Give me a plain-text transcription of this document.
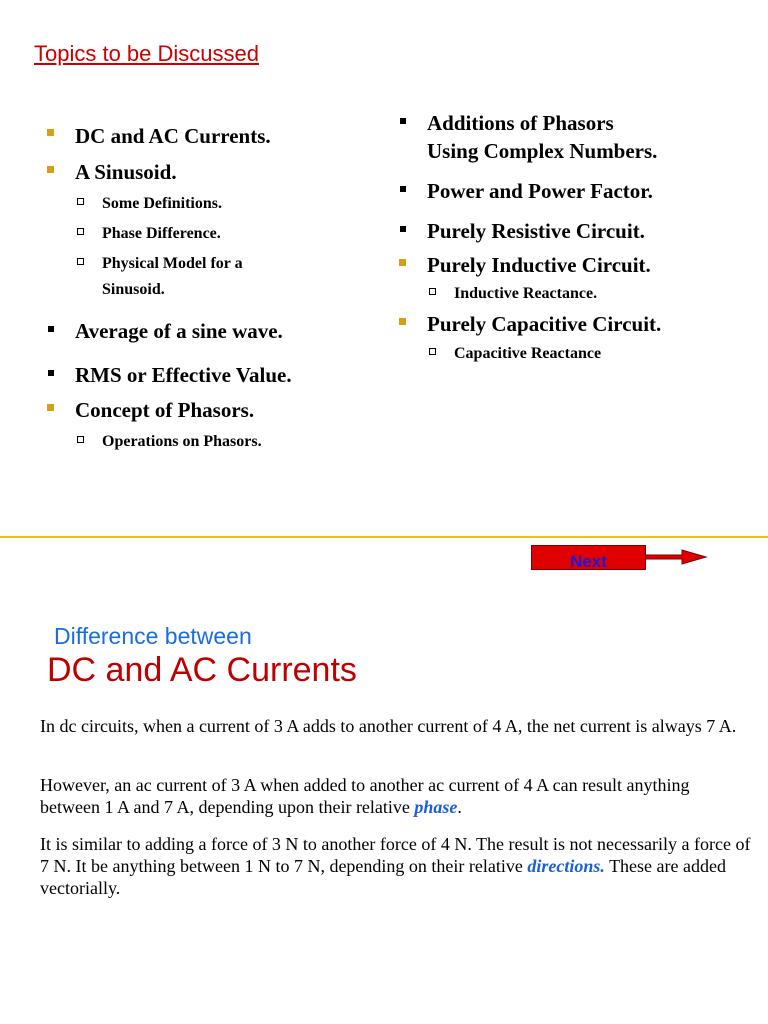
Topics to be Discussed
DC and AC Currents.
A Sinusoid.
Some Definitions.
Phase Difference.
Physical Model for a
Sinusoid.
Average of a sine wave.
RMS or Effective Value.
Concept of Phasors.
Operations on Phasors.
Additions of Phasors
Using Complex Numbers.
Power and Power Factor.
Purely Resistive Circuit.
Purely Inductive Circuit.
Inductive Reactance.
Purely Capacitive Circuit.
Capacitive Reactance
Next
Difference between
DC and AC Currents
In dc circuits, when a current of 3 A adds to another current of 4 A, the net current is always 7 A.
However, an ac current of 3 A when added to another ac current of 4 A can result anything between 1 A and 7 A, depending upon their relative phase.
It is similar to adding a force of 3 N to another force of 4 N. The result is not necessarily a force of 7 N. It be anything between 1 N to 7 N, depending on their relative directions. These are added vectorially.
